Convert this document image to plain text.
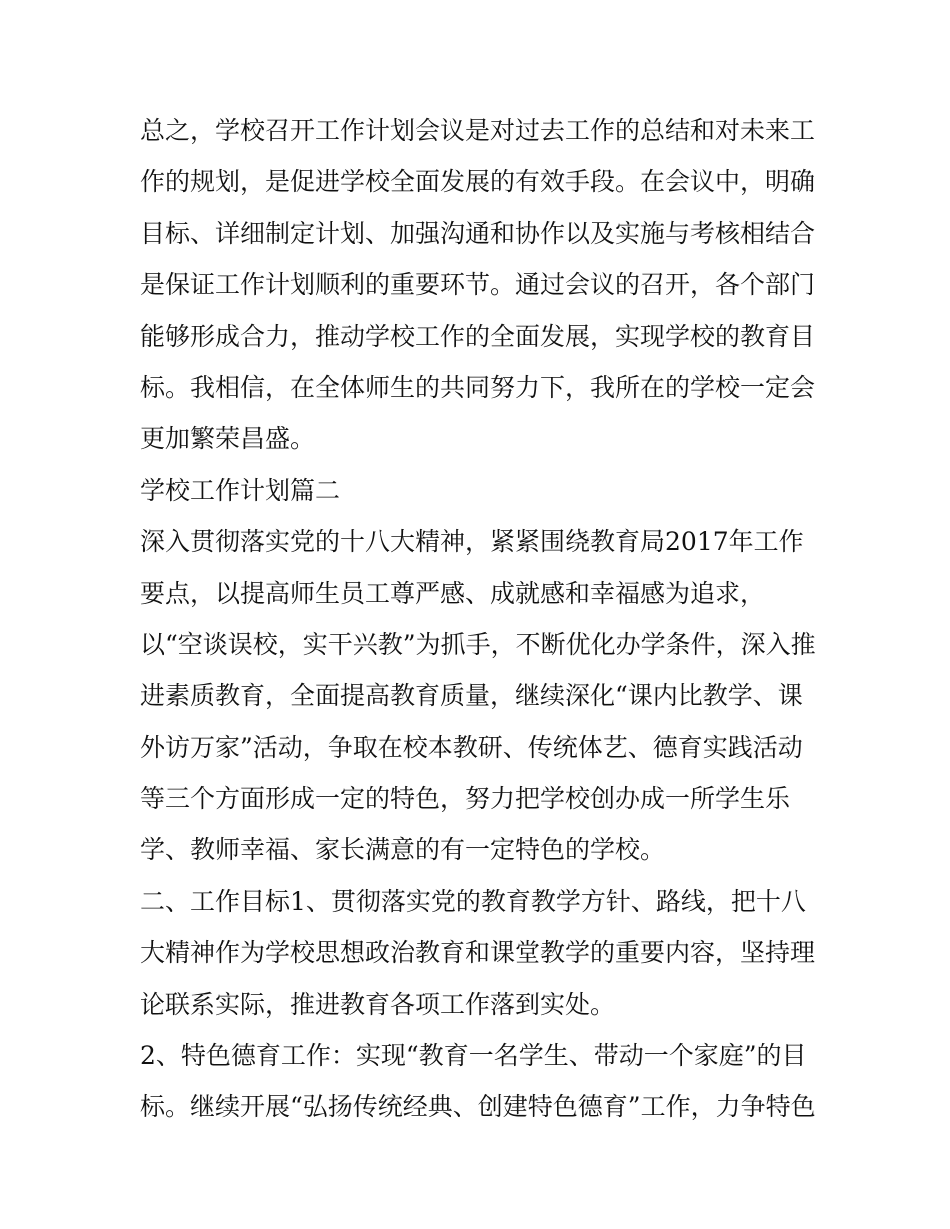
总之，学校召开工作计划会议是对过去工作的总结和对未来工
作的规划，是促进学校全面发展的有效手段。在会议中，明确
目标、详细制定计划、加强沟通和协作以及实施与考核相结合
是保证工作计划顺利的重要环节。通过会议的召开，各个部门
能够形成合力，推动学校工作的全面发展，实现学校的教育目
标。我相信，在全体师生的共同努力下，我所在的学校一定会
更加繁荣昌盛。
学校工作计划篇二
深入贯彻落实党的十八大精神，紧紧围绕教育局2017年工作
要点，以提高师生员工尊严感、成就感和幸福感为追求，
以“空谈误校，实干兴教”为抓手，不断优化办学条件，深入推
进素质教育，全面提高教育质量，继续深化“课内比教学、课
外访万家”活动，争取在校本教研、传统体艺、德育实践活动
等三个方面形成一定的特色，努力把学校创办成一所学生乐
学、教师幸福、家长满意的有一定特色的学校。
二、工作目标1、贯彻落实党的教育教学方针、路线，把十八
大精神作为学校思想政治教育和课堂教学的重要内容，坚持理
论联系实际，推进教育各项工作落到实处。
2、特色德育工作：实现“教育一名学生、带动一个家庭”的目
标。继续开展“弘扬传统经典、创建特色德育”工作，力争特色
